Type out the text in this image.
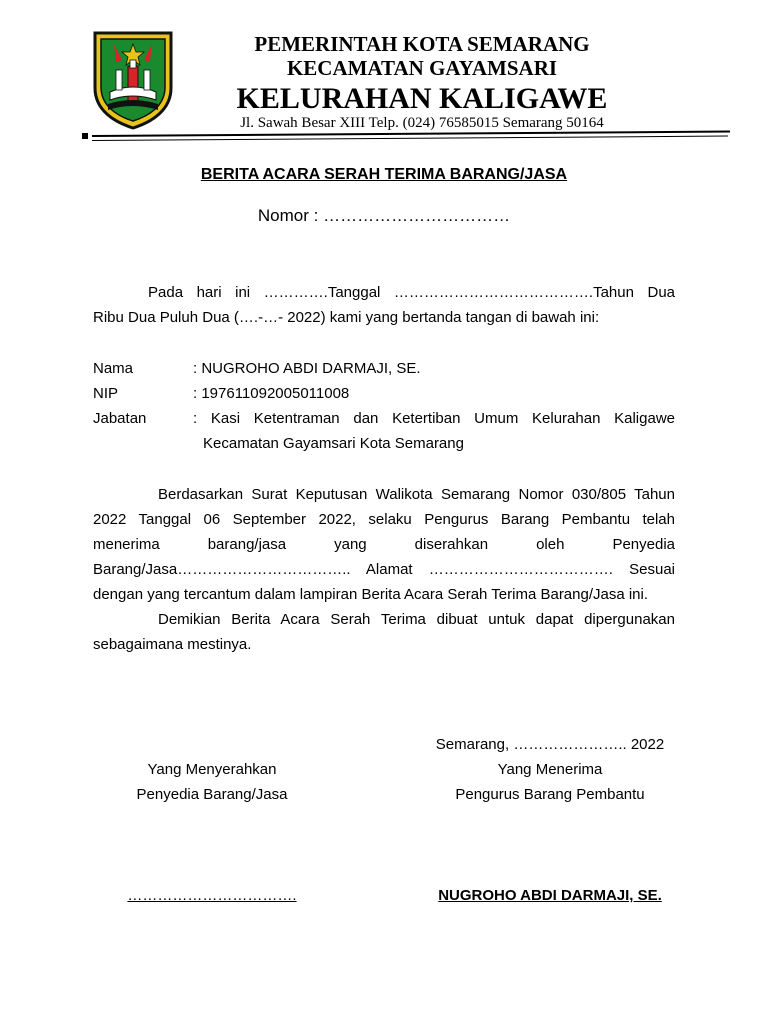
PEMERINTAH KOTA SEMARANG
KECAMATAN GAYAMSARI
KELURAHAN KALIGAWE
Jl. Sawah Besar XIII Telp. (024) 76585015 Semarang 50164
BERITA ACARA SERAH TERIMA BARANG/JASA
Nomor : ……………………………
Pada hari ini ………….Tanggal ………………………………….Tahun Dua
Ribu Dua Puluh Dua (….-…- 2022) kami yang bertanda tangan di bawah ini:
Nama	: NUGROHO ABDI DARMAJI, SE.
NIP	: 197611092005011008
Jabatan	: Kasi Ketentraman dan Ketertiban Umum Kelurahan Kaligawe
Kecamatan Gayamsari Kota Semarang
Berdasarkan Surat Keputusan Walikota Semarang Nomor 030/805 Tahun
2022 Tanggal 06 September 2022, selaku Pengurus Barang Pembantu telah
menerima barang/jasa yang diserahkan oleh Penyedia
Barang/Jasa…………………………….. Alamat ………………………………. Sesuai
dengan yang tercantum dalam lampiran Berita Acara Serah Terima Barang/Jasa ini.
Demikian Berita Acara Serah Terima dibuat untuk dapat dipergunakan
sebagaimana mestinya.
Semarang, ………………….. 2022
Yang Menyerahkan
Penyedia Barang/Jasa
Yang Menerima
Pengurus Barang Pembantu
…………………………….	NUGROHO ABDI DARMAJI, SE.
